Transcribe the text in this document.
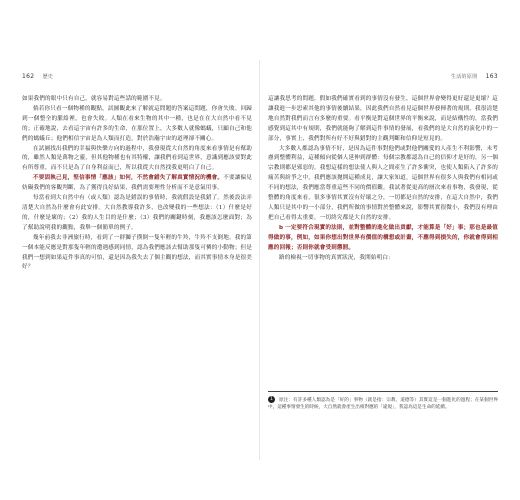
162 歷史	生活的原則 163

如果我們的眼中只有自己，就容易對這些話的範圍不見。

倘若你只看一個物種的觀點，試圖觀此來了解就這問題的答案這問題，你會失敗。回歸到一個整全的脈絡裡，也會失敗。人類在看來生物的其中一種，也是在在大自然中看不見的；正確地說，去看這宇宙有許多的生命，在那位置上，大多數人就像螞蟻，只顧自己和他們的螞蟻丘；他們相信宇宙是為人類而打造，對於浩瀚宇宙的道理卻不關心。

在試圖找出我們的幸福與快樂方向的過程中，我發現從大自然的角度來看事情是有幫助的，雖然人類是萬物之靈，但其他物種也有其特權，讓我們看到這世界，意識到應該要對此有所尊重，而不只是為了自身利益而已，所以我從大自然找我更明白了自己。

不要固執己見，堅信事情「應該」如何，不然會錯失了解真實情況的機會。不要讓偏見妨礙我們的客觀判斷，為了獲得良好結果，我們需要理性分析而不是意氣用事。

每當看到大自然中有（或人類）認為是錯誤的事情時，我就假設是我錯了。然後設法弄清楚大自然為什麼會有此安排。大自然教導我許多，也改變我的一些想法：（1）什麼是好的，什麼是壞的；（2）我的人生目的是什麼；（3）我們的關鍵時刻，我應該怎麼面對；為了幫助說明我的觀點，我舉一個簡單的例子。

幾年前我去非洲旅行時，看到了一群獅子撲倒一隻年輕的牛羚，牛羚不支倒地。我的第一個本能反應是對那隻年輕的遭遇感到同情，認為我們應該去幫助那隻可憐的小動物；但是我們一想到如果這件事真的可怕，還是因為我失去了個主觀的想法，而其實事情本身是很美好？

這讓我思考的問題，假如我們確實看到的事情沒有發生，這個世界會變得更好還是更壞？這讓我進一步思索其他的事情後續結果，因此我們自然看見這個世界發揮著的規則，我很清楚地自然對我們而言有多麼的重要。看平衡是對這個世界的平衡來說，而是結構性的，當我們感覺到這其中有規則，我們就能夠了解到這件事情的發展，看我們的是大自然的演化中的一部分，事實上，我們對所有好不好與錯對的主觀判斷和信仰是短見的。

大多數人都認為事情不好，是因為這件事對他們或對他們關愛的人產生不利影響，未考慮到整體利益，這種傾向從個人延伸到群體：每個宗教都認為自己的信仰才是好的，另一個宗教則都是邪惡的。我想這樣的想法使人與人之間產生了許多衝突，也使人類陷入了許多的痛苦與紛爭之中，我們應該拋開這種成見，讓大家知道，這個世界有很多人與我們有相同或不同的想法，我們應當尊重這些不同的價值觀。我試著從更高的層次來看事物，我發現，從整體的角度來看，很多事情其實沒有好壞之分，一切都是自然的安排，在這大自然中，我們人類只是其中的一小部分，我們所做的事情對於整體來說，影響其實很微小，我們沒有理由把自己看得太重要，一切終究都是大自然的安排。

b 一定要符合現實的法則，並對整體的進化做出貢獻，才能算是「好」事；那也是最值得做的事，例如，如果你想出對世界有價值的構想或計畫，不應得到損失的，你就會得到相應的回報；否則你就會受到懲罰。

路的檢視一切事物的真實狀況，我開始明白：

1 原注：有許多種人類認為是「好的」事物（就是指：宗教、道德等）其實這是一個進化的過程；在某個世界中，這種事情發生的時候，大自然就會產生出相對應的「違規」，我認為這是生命的延續。
